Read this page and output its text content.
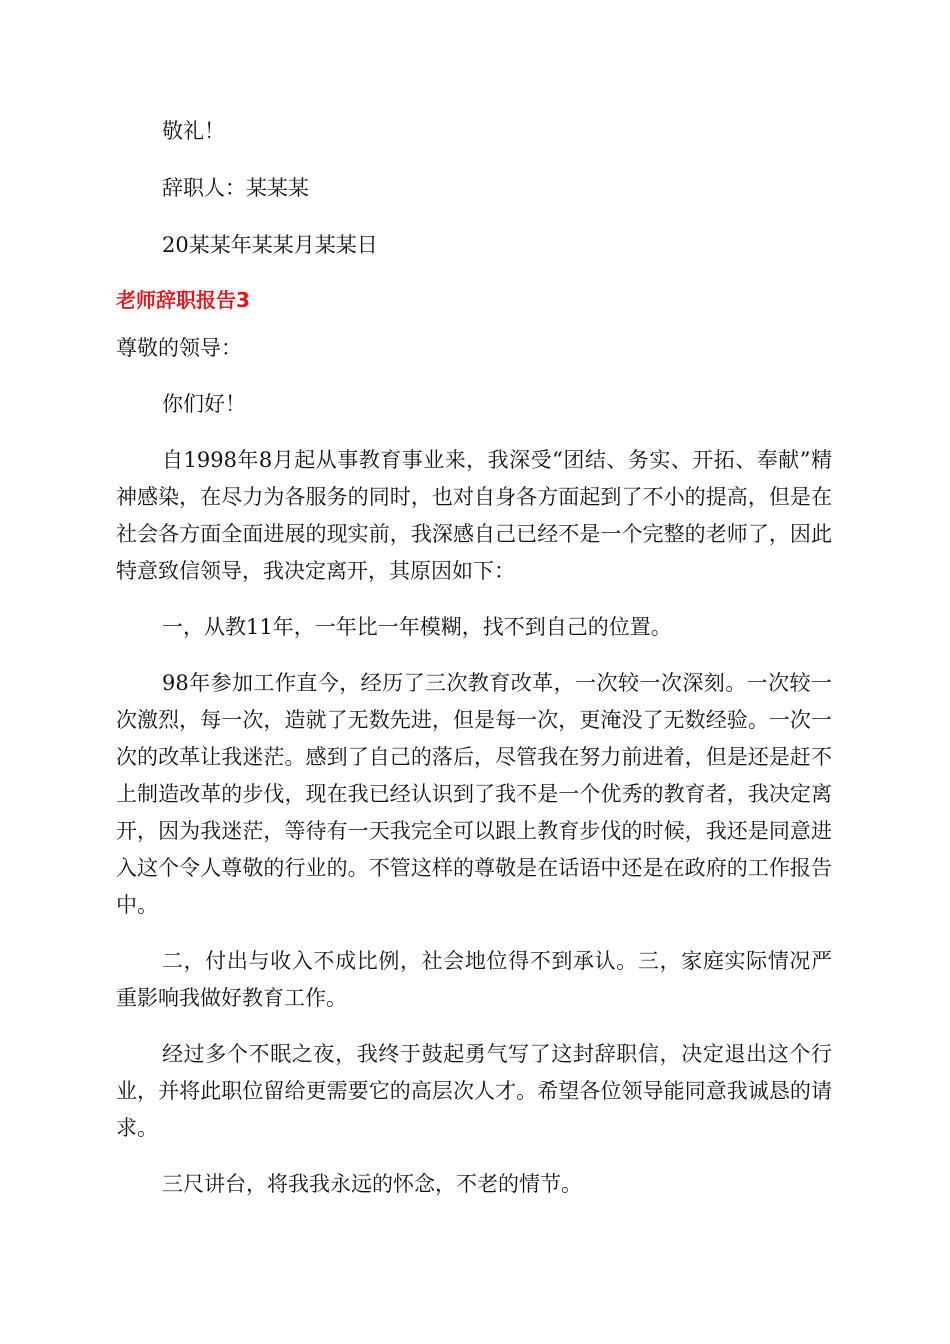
敬礼！

辞职人：某某某

20某某年某某月某某日

老师辞职报告3

尊敬的领导：

你们好！

自1998年8月起从事教育事业来，我深受“团结、务实、开拓、奉献”精神感染，在尽力为各服务的同时，也对自身各方面起到了不小的提高，但是在社会各方面全面进展的现实前，我深感自己已经不是一个完整的老师了，因此特意致信领导，我决定离开，其原因如下：

一，从教11年，一年比一年模糊，找不到自己的位置。

98年参加工作直今，经历了三次教育改革，一次较一次深刻。一次较一次激烈，每一次，造就了无数先进，但是每一次，更淹没了无数经验。一次一次的改革让我迷茫。感到了自己的落后，尽管我在努力前进着，但是还是赶不上制造改革的步伐，现在我已经认识到了我不是一个优秀的教育者，我决定离开，因为我迷茫，等待有一天我完全可以跟上教育步伐的时候，我还是同意进入这个令人尊敬的行业的。不管这样的尊敬是在话语中还是在政府的工作报告中。

二，付出与收入不成比例，社会地位得不到承认。三，家庭实际情况严重影响我做好教育工作。

经过多个不眠之夜，我终于鼓起勇气写了这封辞职信，决定退出这个行业，并将此职位留给更需要它的高层次人才。希望各位领导能同意我诚恳的请求。

三尺讲台，将我我永远的怀念，不老的情节。
